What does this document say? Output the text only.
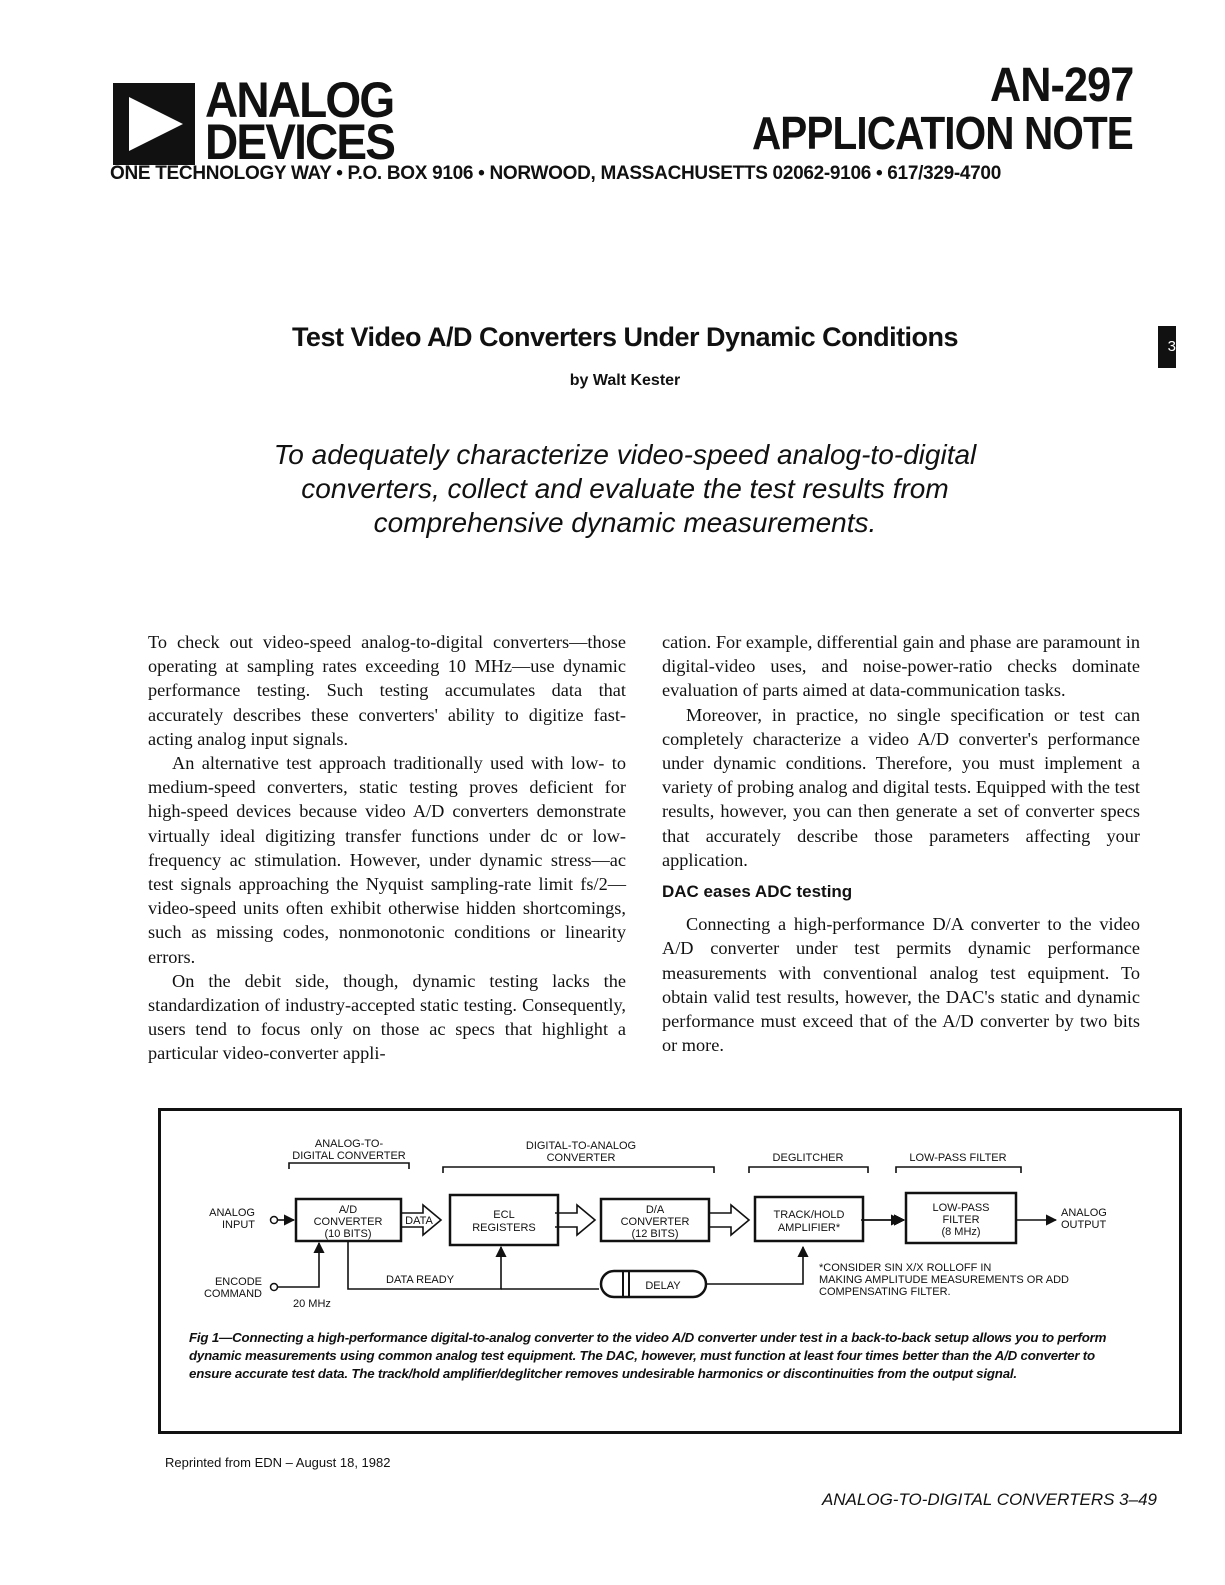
ANALOG
DEVICES
AN-297
APPLICATION NOTE
ONE TECHNOLOGY WAY • P.O. BOX 9106 • NORWOOD, MASSACHUSETTS 02062-9106 • 617/329-4700
3
Test Video A/D Converters Under Dynamic Conditions
by Walt Kester
To adequately characterize video-speed analog-to-digital converters, collect and evaluate the test results from comprehensive dynamic measurements.

To check out video-speed analog-to-digital converters—those operating at sampling rates exceeding 10 MHz—use dynamic performance testing. Such testing accumulates data that accurately describes these converters' ability to digitize fast-acting analog input signals.

An alternative test approach traditionally used with low- to medium-speed converters, static testing proves deficient for high-speed devices because video A/D converters demonstrate virtually ideal digitizing transfer functions under dc or low-frequency ac stimulation. However, under dynamic stress—ac test signals approaching the Nyquist sampling-rate limit fs/2—video-speed units often exhibit otherwise hidden shortcomings, such as missing codes, nonmonotonic conditions or linearity errors.

On the debit side, though, dynamic testing lacks the standardization of industry-accepted static testing. Consequently, users tend to focus only on those ac specs that highlight a particular video-converter appli-

cation. For example, differential gain and phase are paramount in digital-video uses, and noise-power-ratio checks dominate evaluation of parts aimed at data-communication tasks.

Moreover, in practice, no single specification or test can completely characterize a video A/D converter's performance under dynamic conditions. Therefore, you must implement a variety of probing analog and digital tests. Equipped with the test results, however, you can then generate a set of converter specs that accurately describe those parameters affecting your application.

DAC eases ADC testing

Connecting a high-performance D/A converter to the video A/D converter under test permits dynamic performance measurements with conventional analog test equipment. To obtain valid test results, however, the DAC's static and dynamic performance must exceed that of the A/D converter by two bits or more.

ANALOG-TO-
DIGITAL CONVERTER
DIGITAL-TO-ANALOG
CONVERTER	DEGLITCHER	LOW-PASS FILTER
ANALOG
INPUT
ENCODE
COMMAND
20 MHz
A/D
CONVERTER
(10 BITS)
DATA	ECL
REGISTERS
D/A
CONVERTER
(12 BITS)
TRACK/HOLD
AMPLIFIER*
LOW-PASS
FILTER
(8 MHz)
ANALOG
OUTPUT
DATA READY	DELAY
*CONSIDER SIN X/X ROLLOFF IN
MAKING AMPLITUDE MEASUREMENTS OR ADD
COMPENSATING FILTER.
Fig 1—Connecting a high-performance digital-to-analog converter to the video A/D converter under test in a back-to-back setup allows you to perform dynamic measurements using common analog test equipment. The DAC, however, must function at least four times better than the A/D converter to ensure accurate test data. The track/hold amplifier/deglitcher removes undesirable harmonics or discontinuities from the output signal.
Reprinted from EDN – August 18, 1982
ANALOG-TO-DIGITAL CONVERTERS 3–49
